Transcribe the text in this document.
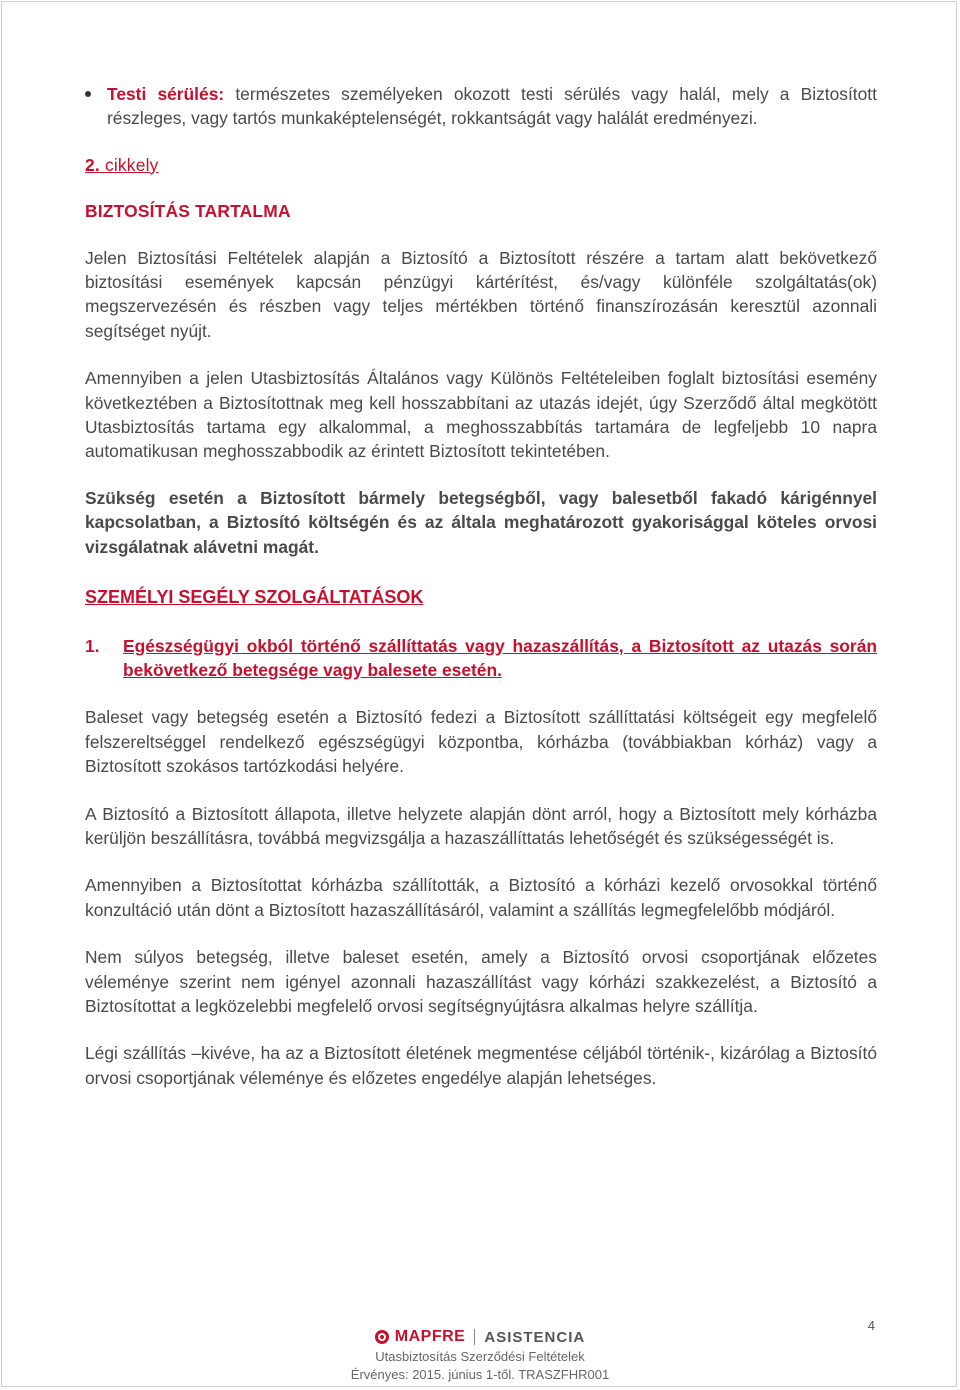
Testi sérülés: természetes személyeken okozott testi sérülés vagy halál, mely a Biztosított részleges, vagy tartós munkaképtelenségét, rokkantságát vagy halálát eredményezi.
2. cikkely
BIZTOSÍTÁS TARTALMA

Jelen Biztosítási Feltételek alapján a Biztosító a Biztosított részére a tartam alatt bekövetkező biztosítási események kapcsán pénzügyi kártérítést, és/vagy különféle szolgáltatás(ok) megszervezésén és részben vagy teljes mértékben történő finanszírozásán keresztül azonnali segítséget nyújt.

Amennyiben a jelen Utasbiztosítás Általános vagy Különös Feltételeiben foglalt biztosítási esemény következtében a Biztosítottnak meg kell hosszabbítani az utazás idejét, úgy Szerződő által megkötött Utasbiztosítás tartama egy alkalommal, a meghosszabbítás tartamára de legfeljebb 10 napra automatikusan meghosszabbodik az érintett Biztosított tekintetében.

Szükség esetén a Biztosított bármely betegségből, vagy balesetből fakadó kárigénnyel kapcsolatban, a Biztosító költségén és az általa meghatározott gyakorisággal köteles orvosi vizsgálatnak alávetni magát.

SZEMÉLYI SEGÉLY SZOLGÁLTATÁSOK
1. Egészségügyi okból történő szállíttatás vagy hazaszállítás, a Biztosított az utazás során bekövetkező betegsége vagy balesete esetén.

Baleset vagy betegség esetén a Biztosító fedezi a Biztosított szállíttatási költségeit egy megfelelő felszereltséggel rendelkező egészségügyi központba, kórházba (továbbiakban kórház) vagy a Biztosított szokásos tartózkodási helyére.

A Biztosító a Biztosított állapota, illetve helyzete alapján dönt arról, hogy a Biztosított mely kórházba kerüljön beszállításra, továbbá megvizsgálja a hazaszállíttatás lehetőségét és szükségességét is.

Amennyiben a Biztosítottat kórházba szállították, a Biztosító a kórházi kezelő orvosokkal történő konzultáció után dönt a Biztosított hazaszállításáról, valamint a szállítás legmegfelelőbb módjáról.

Nem súlyos betegség, illetve baleset esetén, amely a Biztosító orvosi csoportjának előzetes véleménye szerint nem igényel azonnali hazaszállítást vagy kórházi szakkezelést, a Biztosító a Biztosítottat a legközelebbi megfelelő orvosi segítségnyújtásra alkalmas helyre szállítja.

Légi szállítás –kivéve, ha az a Biztosított életének megmentése céljából történik-, kizárólag a Biztosító orvosi csoportjának véleménye és előzetes engedélye alapján lehetséges.

4
MAPFRE ASISTENCIA
Utasbiztosítás Szerződési Feltételek
Érvényes: 2015. június 1-től. TRASZFHR001
